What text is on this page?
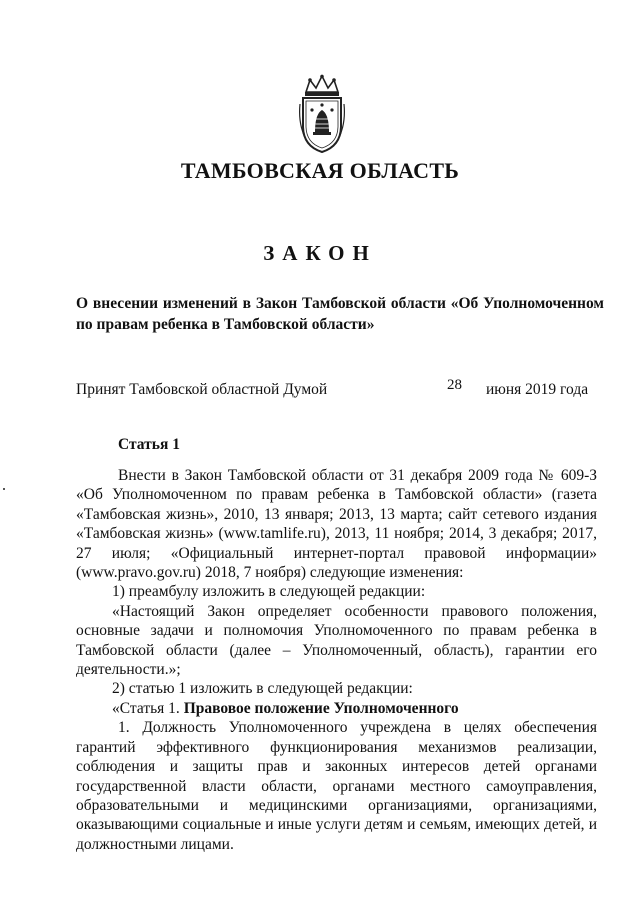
ТАМБОВСКАЯ ОБЛАСТЬ
ЗАКОН
О внесении изменений в Закон Тамбовской области «Об Уполномоченном по правам ребенка в Тамбовской области»
Принят Тамбовской областной Думой	28 июня 2019 года
Статья 1

Внести в Закон Тамбовской области от 31 декабря 2009 года № 609-З «Об Уполномоченном по правам ребенка в Тамбовской области» (газета «Тамбовская жизнь», 2010, 13 января; 2013, 13 марта; сайт сетевого издания «Тамбовская жизнь» (www.tamlife.ru), 2013, 11 ноября; 2014, 3 декабря; 2017, 27 июля; «Официальный интернет-портал правовой информации» (www.pravo.gov.ru) 2018, 7 ноября) следующие изменения:

1) преамбулу изложить в следующей редакции:

«Настоящий Закон определяет особенности правового положения, основные задачи и полномочия Уполномоченного по правам ребенка в Тамбовской области (далее – Уполномоченный, область), гарантии его деятельности.»;

2) статью 1 изложить в следующей редакции:

«Статья 1. Правовое положение Уполномоченного

1. Должность Уполномоченного учреждена в целях обеспечения гарантий эффективного функционирования механизмов реализации, соблюдения и защиты прав и законных интересов детей органами государственной власти области, органами местного самоуправления, образовательными и медицинскими организациями, организациями, оказывающими социальные и иные услуги детям и семьям, имеющих детей, и должностными лицами.
